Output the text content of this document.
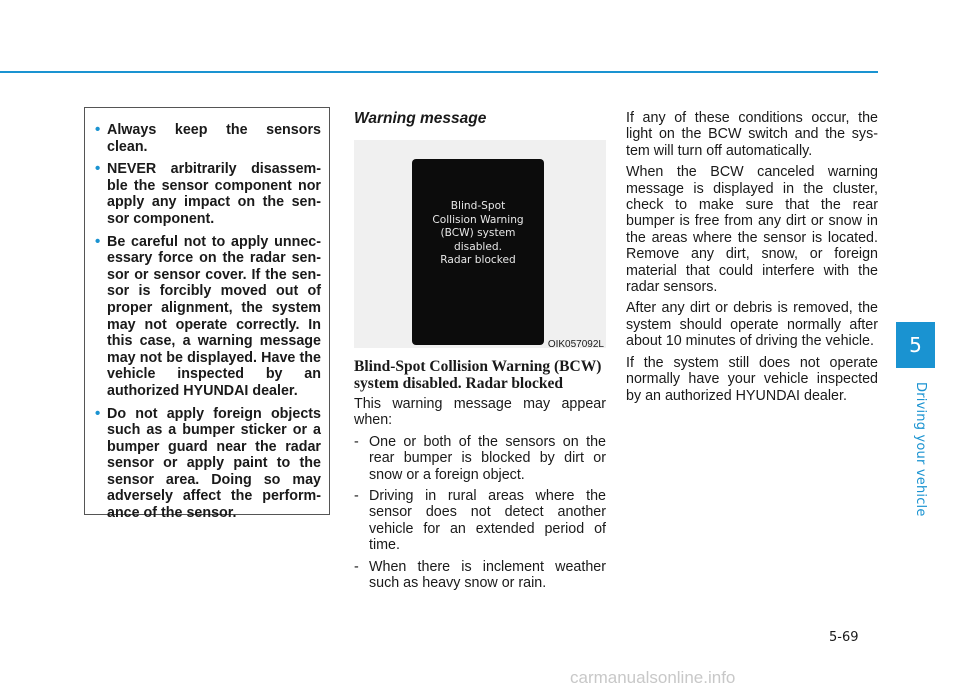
5
Driving your vehicle
• Always keep the sensors clean.
• NEVER arbitrarily disassem- ble the sensor component nor apply any impact on the sen- sor component.
• Be careful not to apply unnec- essary force on the radar sen- sor or sensor cover. If the sen- sor is forcibly moved out of proper alignment, the system may not operate correctly. In this case, a warning message may not be displayed. Have the vehicle inspected by an authorized HYUNDAI dealer.
• Do not apply foreign objects such as a bumper sticker or a bumper guard near the radar sensor or apply paint to the sensor area. Doing so may adversely affect the perform- ance of the sensor.
Warning message
Blind-Spot
Collision Warning
(BCW) system
disabled.
Radar blocked
OIK057092L
Blind-Spot Collision Warning (BCW) system disabled. Radar blocked

This warning message may appear when:

- One or both of the sensors on the rear bumper is blocked by dirt or snow or a foreign object.
- Driving in rural areas where the sensor does not detect another vehicle for an extended period of time.
- When there is inclement weather such as heavy snow or rain.

If any of these conditions occur, the light on the BCW switch and the sys- tem will turn off automatically.

When the BCW canceled warning message is displayed in the cluster, check to make sure that the rear bumper is free from any dirt or snow in the areas where the sensor is located. Remove any dirt, snow, or foreign material that could interfere with the radar sensors.

After any dirt or debris is removed, the system should operate normally after about 10 minutes of driving the vehicle.

If the system still does not operate normally have your vehicle inspected by an authorized HYUNDAI dealer.

5-69
carmanualsonline.info
